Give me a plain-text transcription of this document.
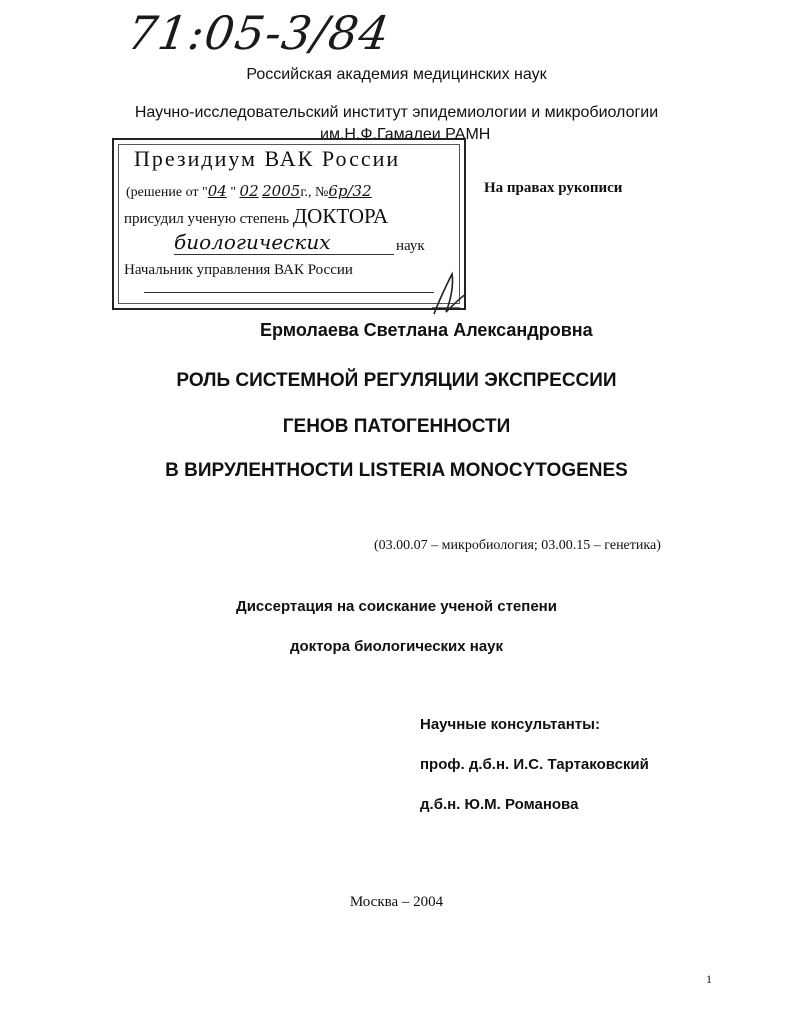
71:05-3/84
Российская академия медицинских наук
Научно-исследовательский институт эпидемиологии и микробиологии
им.Н.Ф.Гамалеи РАМН
Президиум ВАК России
(решение от "04 " 02 2005г., №6р/32
присудил ученую степень ДОКТОРА
биологических	наук
Начальник управления ВАК России
На правах рукописи
Ермолаева Светлана Александровна
РОЛЬ СИСТЕМНОЙ РЕГУЛЯЦИИ ЭКСПРЕССИИ
ГЕНОВ ПАТОГЕННОСТИ
В ВИРУЛЕНТНОСТИ LISTERIA MONOCYTOGENES
(03.00.07 – микробиология; 03.00.15 – генетика)
Диссертация на соискание ученой степени
доктора биологических наук
Научные консультанты:
проф. д.б.н. И.С. Тартаковский
д.б.н. Ю.М. Романова
Москва – 2004
1
